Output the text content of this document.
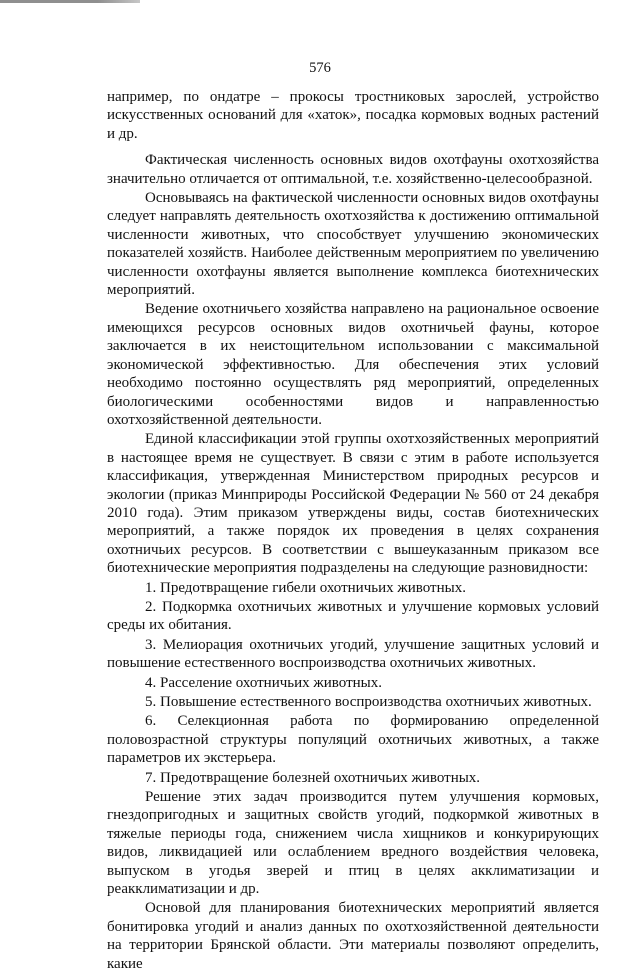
576

например, по ондатре – прокосы тростниковых зарослей, устройство искусственных оснований для «хаток», посадка кормовых водных растений и др.

Фактическая численность основных видов охотфауны охотхозяйства значительно отличается от оптимальной, т.е. хозяйственно-целесообразной.

Основываясь на фактической численности основных видов охотфауны следует направлять деятельность охотхозяйства к достижению оптимальной численности животных, что способствует улучшению экономических показателей хозяйств. Наиболее действенным мероприятием по увеличению численности охотфауны является выполнение комплекса биотехнических мероприятий.

Ведение охотничьего хозяйства направлено на рациональное освоение имеющихся ресурсов основных видов охотничьей фауны, которое заключается в их неистощительном использовании с максимальной экономической эффективностью. Для обеспечения этих условий необходимо постоянно осуществлять ряд мероприятий, определенных биологическими особенностями видов и направленностью охотхозяйственной деятельности.

Единой классификации этой группы охотхозяйственных мероприятий в настоящее время не существует. В связи с этим в работе используется классификация, утвержденная Министерством природных ресурсов и экологии (приказ Минприроды Российской Федерации № 560 от 24 декабря 2010 года). Этим приказом утверждены виды, состав биотехнических мероприятий, а также порядок их проведения в целях сохранения охотничьих ресурсов. В соответствии с вышеуказанным приказом все биотехнические мероприятия подразделены на следующие разновидности:

1. Предотвращение гибели охотничьих животных.

2. Подкормка охотничьих животных и улучшение кормовых условий среды их обитания.

3. Мелиорация охотничьих угодий, улучшение защитных условий и повышение естественного воспроизводства охотничьих животных.

4. Расселение охотничьих животных.

5. Повышение естественного воспроизводства охотничьих животных.

6. Селекционная работа по формированию определенной половозрастной структуры популяций охотничьих животных, а также параметров их экстерьера.

7. Предотвращение болезней охотничьих животных.

Решение этих задач производится путем улучшения кормовых, гнездопригодных и защитных свойств угодий, подкормкой животных в тяжелые периоды года, снижением числа хищников и конкурирующих видов, ликвидацией или ослаблением вредного воздействия человека, выпуском в угодья зверей и птиц в целях акклиматизации и реакклиматизации и др.

Основой для планирования биотехнических мероприятий является бонитировка угодий и анализ данных по охотхозяйственной деятельности на территории Брянской области. Эти материалы позволяют определить, какие
